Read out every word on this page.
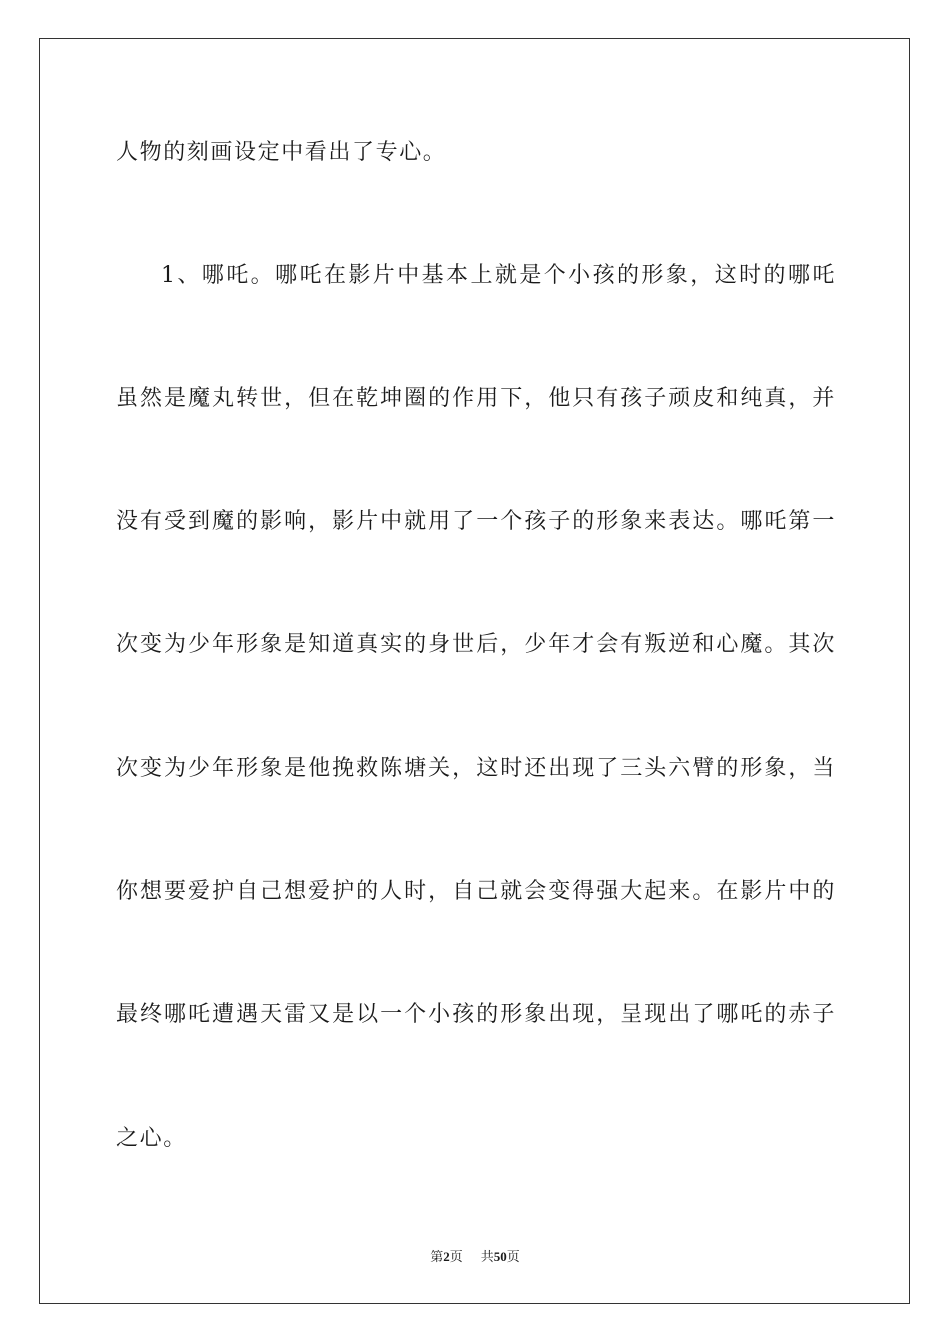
人物的刻画设定中看出了专心。
1、哪吒。哪吒在影片中基本上就是个小孩的形象，这时的哪吒
虽然是魔丸转世，但在乾坤圈的作用下，他只有孩子顽皮和纯真，并
没有受到魔的影响，影片中就用了一个孩子的形象来表达。哪吒第一
次变为少年形象是知道真实的身世后，少年才会有叛逆和心魔。其次
次变为少年形象是他挽救陈塘关，这时还出现了三头六臂的形象，当
你想要爱护自己想爱护的人时，自己就会变得强大起来。在影片中的
最终哪吒遭遇天雷又是以一个小孩的形象出现，呈现出了哪吒的赤子
之心。
第2页 共50页
